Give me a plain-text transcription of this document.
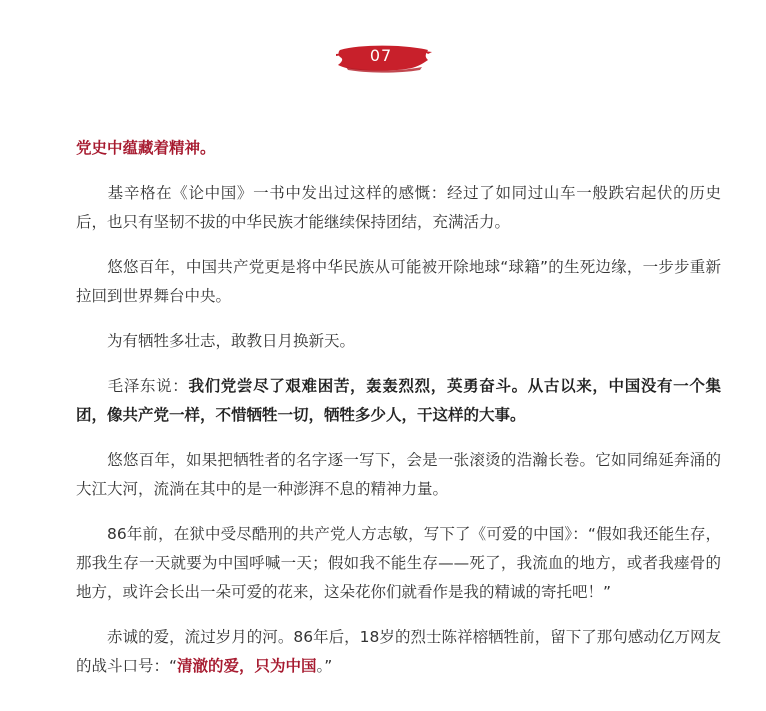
07

党史中蕴藏着精神。

基辛格在《论中国》一书中发出过这样的感慨：经过了如同过山车一般跌宕起伏的历史后，也只有坚韧不拔的中华民族才能继续保持团结，充满活力。

悠悠百年，中国共产党更是将中华民族从可能被开除地球“球籍”的生死边缘，一步步重新拉回到世界舞台中央。

为有牺牲多壮志，敢教日月换新天。

毛泽东说：我们党尝尽了艰难困苦，轰轰烈烈，英勇奋斗。从古以来，中国没有一个集团，像共产党一样，不惜牺牲一切，牺牲多少人，干这样的大事。

悠悠百年，如果把牺牲者的名字逐一写下，会是一张滚烫的浩瀚长卷。它如同绵延奔涌的大江大河，流淌在其中的是一种澎湃不息的精神力量。

86年前，在狱中受尽酷刑的共产党人方志敏，写下了《可爱的中国》：“假如我还能生存，那我生存一天就要为中国呼喊一天；假如我不能生存——死了，我流血的地方，或者我瘗骨的地方，或许会长出一朵可爱的花来，这朵花你们就看作是我的精诚的寄托吧！”

赤诚的爱，流过岁月的河。86年后，18岁的烈士陈祥榕牺牲前，留下了那句感动亿万网友的战斗口号：“清澈的爱，只为中国。”
